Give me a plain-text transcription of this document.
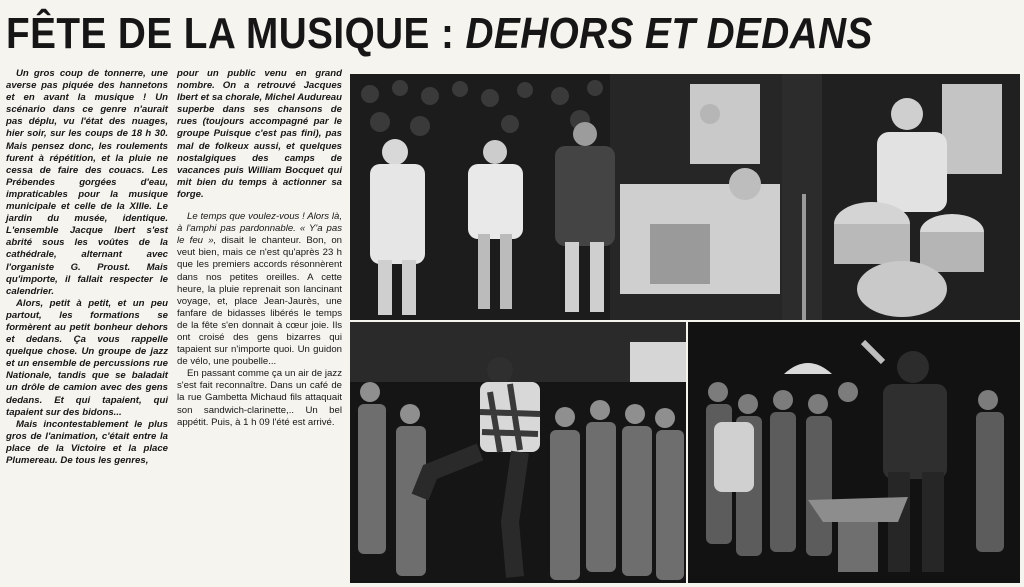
FÊTE DE LA MUSIQUE : DEHORS ET DEDANS

Un gros coup de tonnerre, une averse pas piquée des hannetons et en avant la musique ! Un scénario dans ce genre n'aurait pas déplu, vu l'état des nuages, hier soir, sur les coups de 18 h 30. Mais pensez donc, les roulements furent à répétition, et la pluie ne cessa de faire des couacs. Les Prébendes gorgées d'eau, impraticables pour la musique municipale et celle de la XIIIe. Le jardin du musée, identique. L'ensemble Jacque Ibert s'est abrité sous les voûtes de la cathédrale, alternant avec l'organiste G. Proust. Mais qu'importe, il fallait respecter le calendrier.

Alors, petit à petit, et un peu partout, les formations se formèrent au petit bonheur dehors et dedans. Ça vous rappelle quelque chose. Un groupe de jazz et un ensemble de percussions rue Nationale, tandis que se baladait un drôle de camion avec des gens dedans. Et qui tapaient, qui tapaient sur des bidons...

Mais incontestablement le plus gros de l'animation, c'était entre la place de la Victoire et la place Plumereau. De tous les genres,

pour un public venu en grand nombre. On a retrouvé Jacques Ibert et sa chorale, Michel Audureau superbe dans ses chansons de rues (toujours accompagné par le groupe Puisque c'est pas fini), pas mal de folkeux aussi, et quelques nostalgiques des camps de vacances puis William Bocquet qui mit bien du temps à actionner sa forge.

Le temps que voulez-vous ! Alors là, à l'amphi pas pardonnable. « Y'a pas le feu », disait le chanteur. Bon, on veut bien, mais ce n'est qu'après 23 h que les premiers accords résonnèrent dans nos petites oreilles. A cette heure, la pluie reprenait son lancinant voyage, et, place Jean-Jaurès, une fanfare de bidasses libérés le temps de la fête s'en donnait à cœur joie. Ils ont croisé des gens bizarres qui tapaient sur n'importe quoi. Un guidon de vélo, une poubelle...

En passant comme ça un air de jazz s'est fait reconnaître. Dans un café de la rue Gambetta Michaud fils attaquait son sandwich-clarinette,.. Un bel appétit. Puis, à 1 h 09 l'été est arrivé.
